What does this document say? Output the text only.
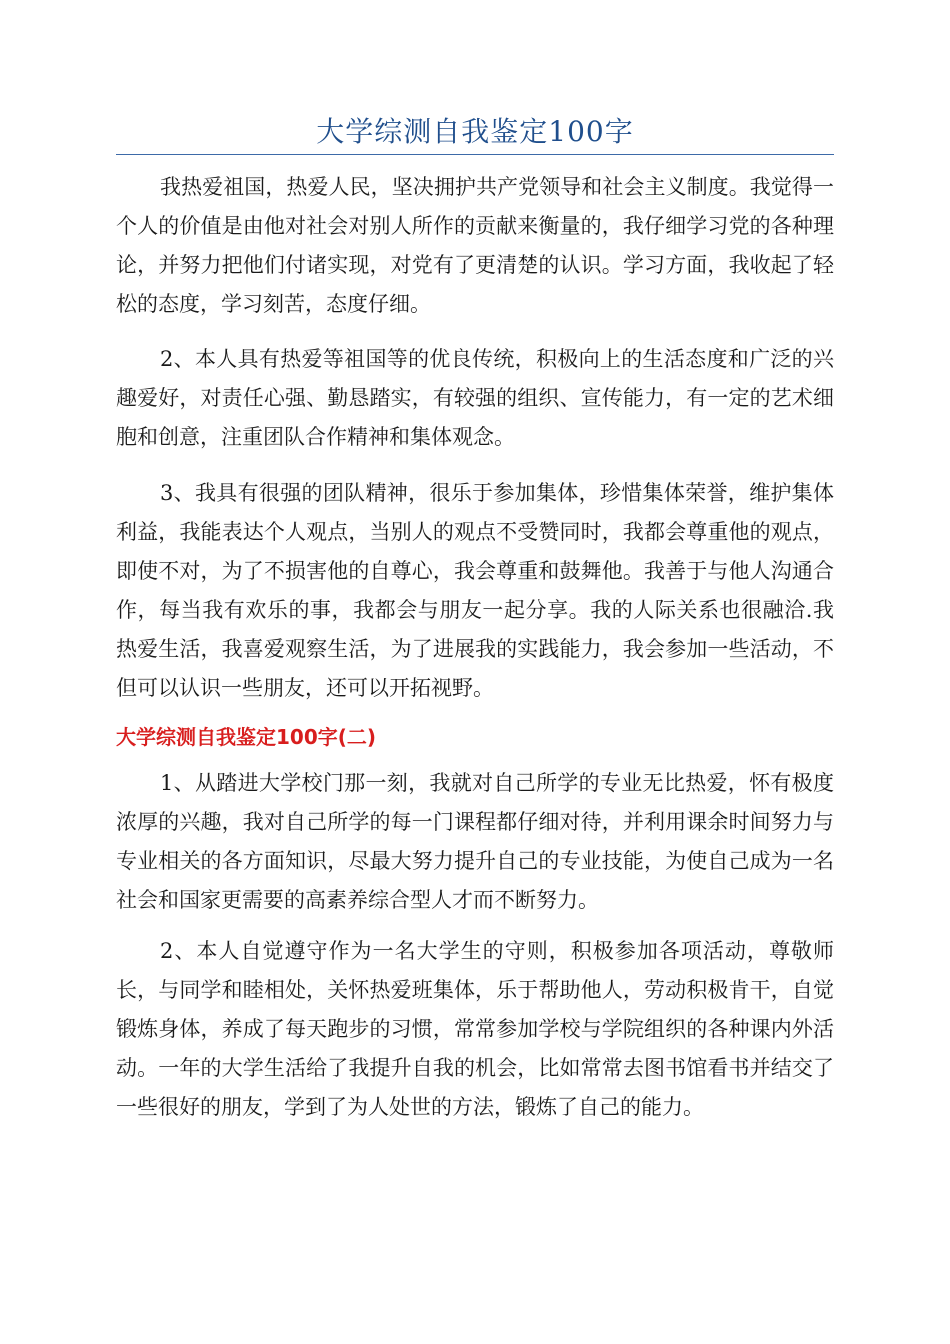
大学综测自我鉴定100字

我热爱祖国，热爱人民，坚决拥护共产党领导和社会主义制度。我觉得一个人的价值是由他对社会对别人所作的贡献来衡量的，我仔细学习党的各种理论，并努力把他们付诸实现，对党有了更清楚的认识。学习方面，我收起了轻松的态度，学习刻苦，态度仔细。

2、本人具有热爱等祖国等的优良传统，积极向上的生活态度和广泛的兴趣爱好，对责任心强、勤恳踏实，有较强的组织、宣传能力，有一定的艺术细胞和创意，注重团队合作精神和集体观念。

3、我具有很强的团队精神，很乐于参加集体，珍惜集体荣誉，维护集体利益，我能表达个人观点，当别人的观点不受赞同时，我都会尊重他的观点，即使不对，为了不损害他的自尊心，我会尊重和鼓舞他。我善于与他人沟通合作，每当我有欢乐的事，我都会与朋友一起分享。我的人际关系也很融洽.我热爱生活，我喜爱观察生活，为了进展我的实践能力，我会参加一些活动，不但可以认识一些朋友，还可以开拓视野。

大学综测自我鉴定100字(二)

1、从踏进大学校门那一刻，我就对自己所学的专业无比热爱，怀有极度浓厚的兴趣，我对自己所学的每一门课程都仔细对待，并利用课余时间努力与专业相关的各方面知识，尽最大努力提升自己的专业技能，为使自己成为一名社会和国家更需要的高素养综合型人才而不断努力。

2、本人自觉遵守作为一名大学生的守则，积极参加各项活动，尊敬师长，与同学和睦相处，关怀热爱班集体，乐于帮助他人，劳动积极肯干，自觉锻炼身体，养成了每天跑步的习惯，常常参加学校与学院组织的各种课内外活动。一年的大学生活给了我提升自我的机会，比如常常去图书馆看书并结交了一些很好的朋友，学到了为人处世的方法，锻炼了自己的能力。
